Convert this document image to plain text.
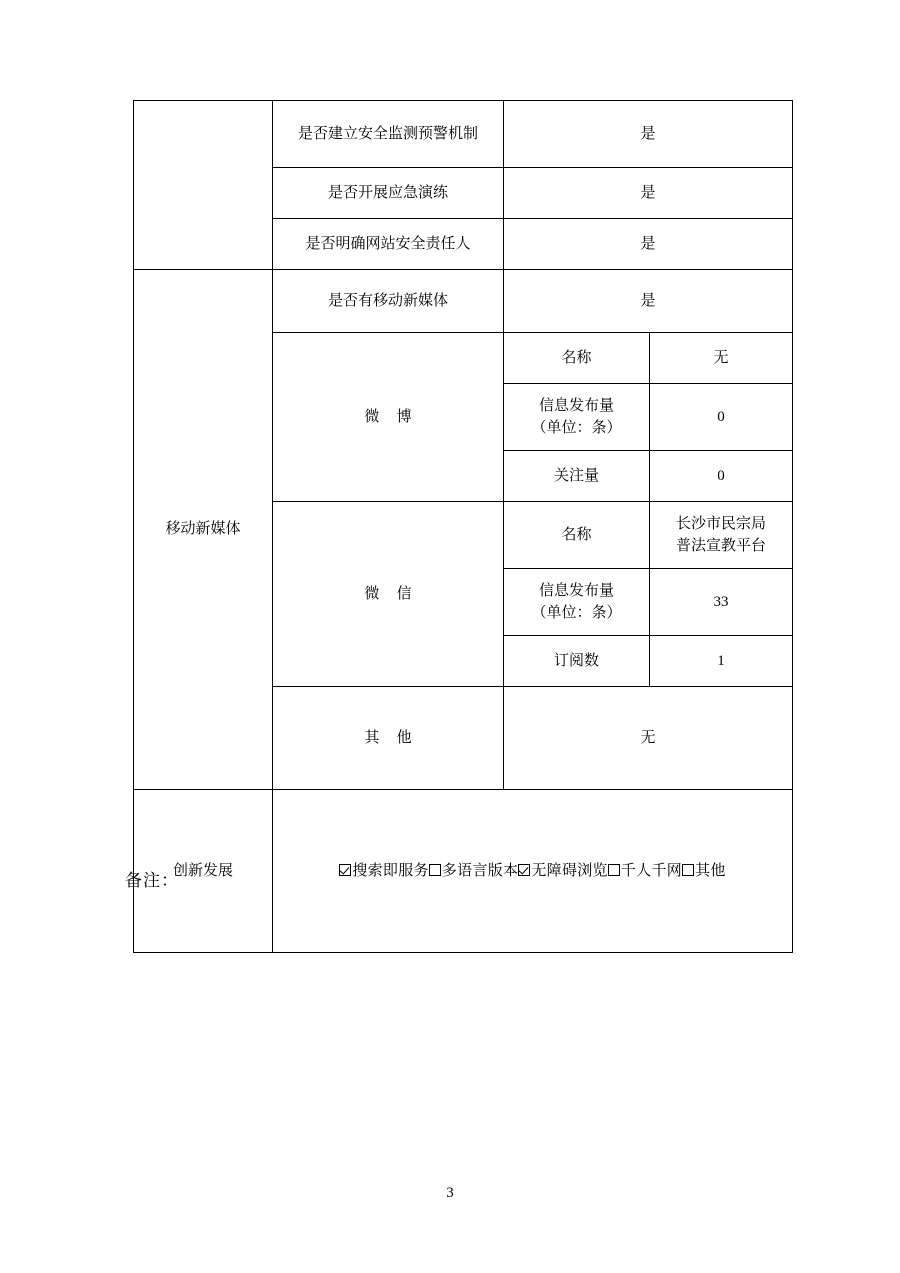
	是否建立安全监测预警机制	是	
	是否开展应急演练	是	
	是否明确网站安全责任人	是	
移动新媒体	是否有移动新媒体	是	
	微 博	名称	无

		信息发布量
（单位：条）	0
		关注量	0
	微 信	名称	长沙市民宗局
普法宣教平台

		信息发布量
（单位：条）	33
		订阅数	1
	其 他	无	
创新发展	搜索即服务 多语言版本 无障碍浏览 千人千网 其他		
备注：
3
